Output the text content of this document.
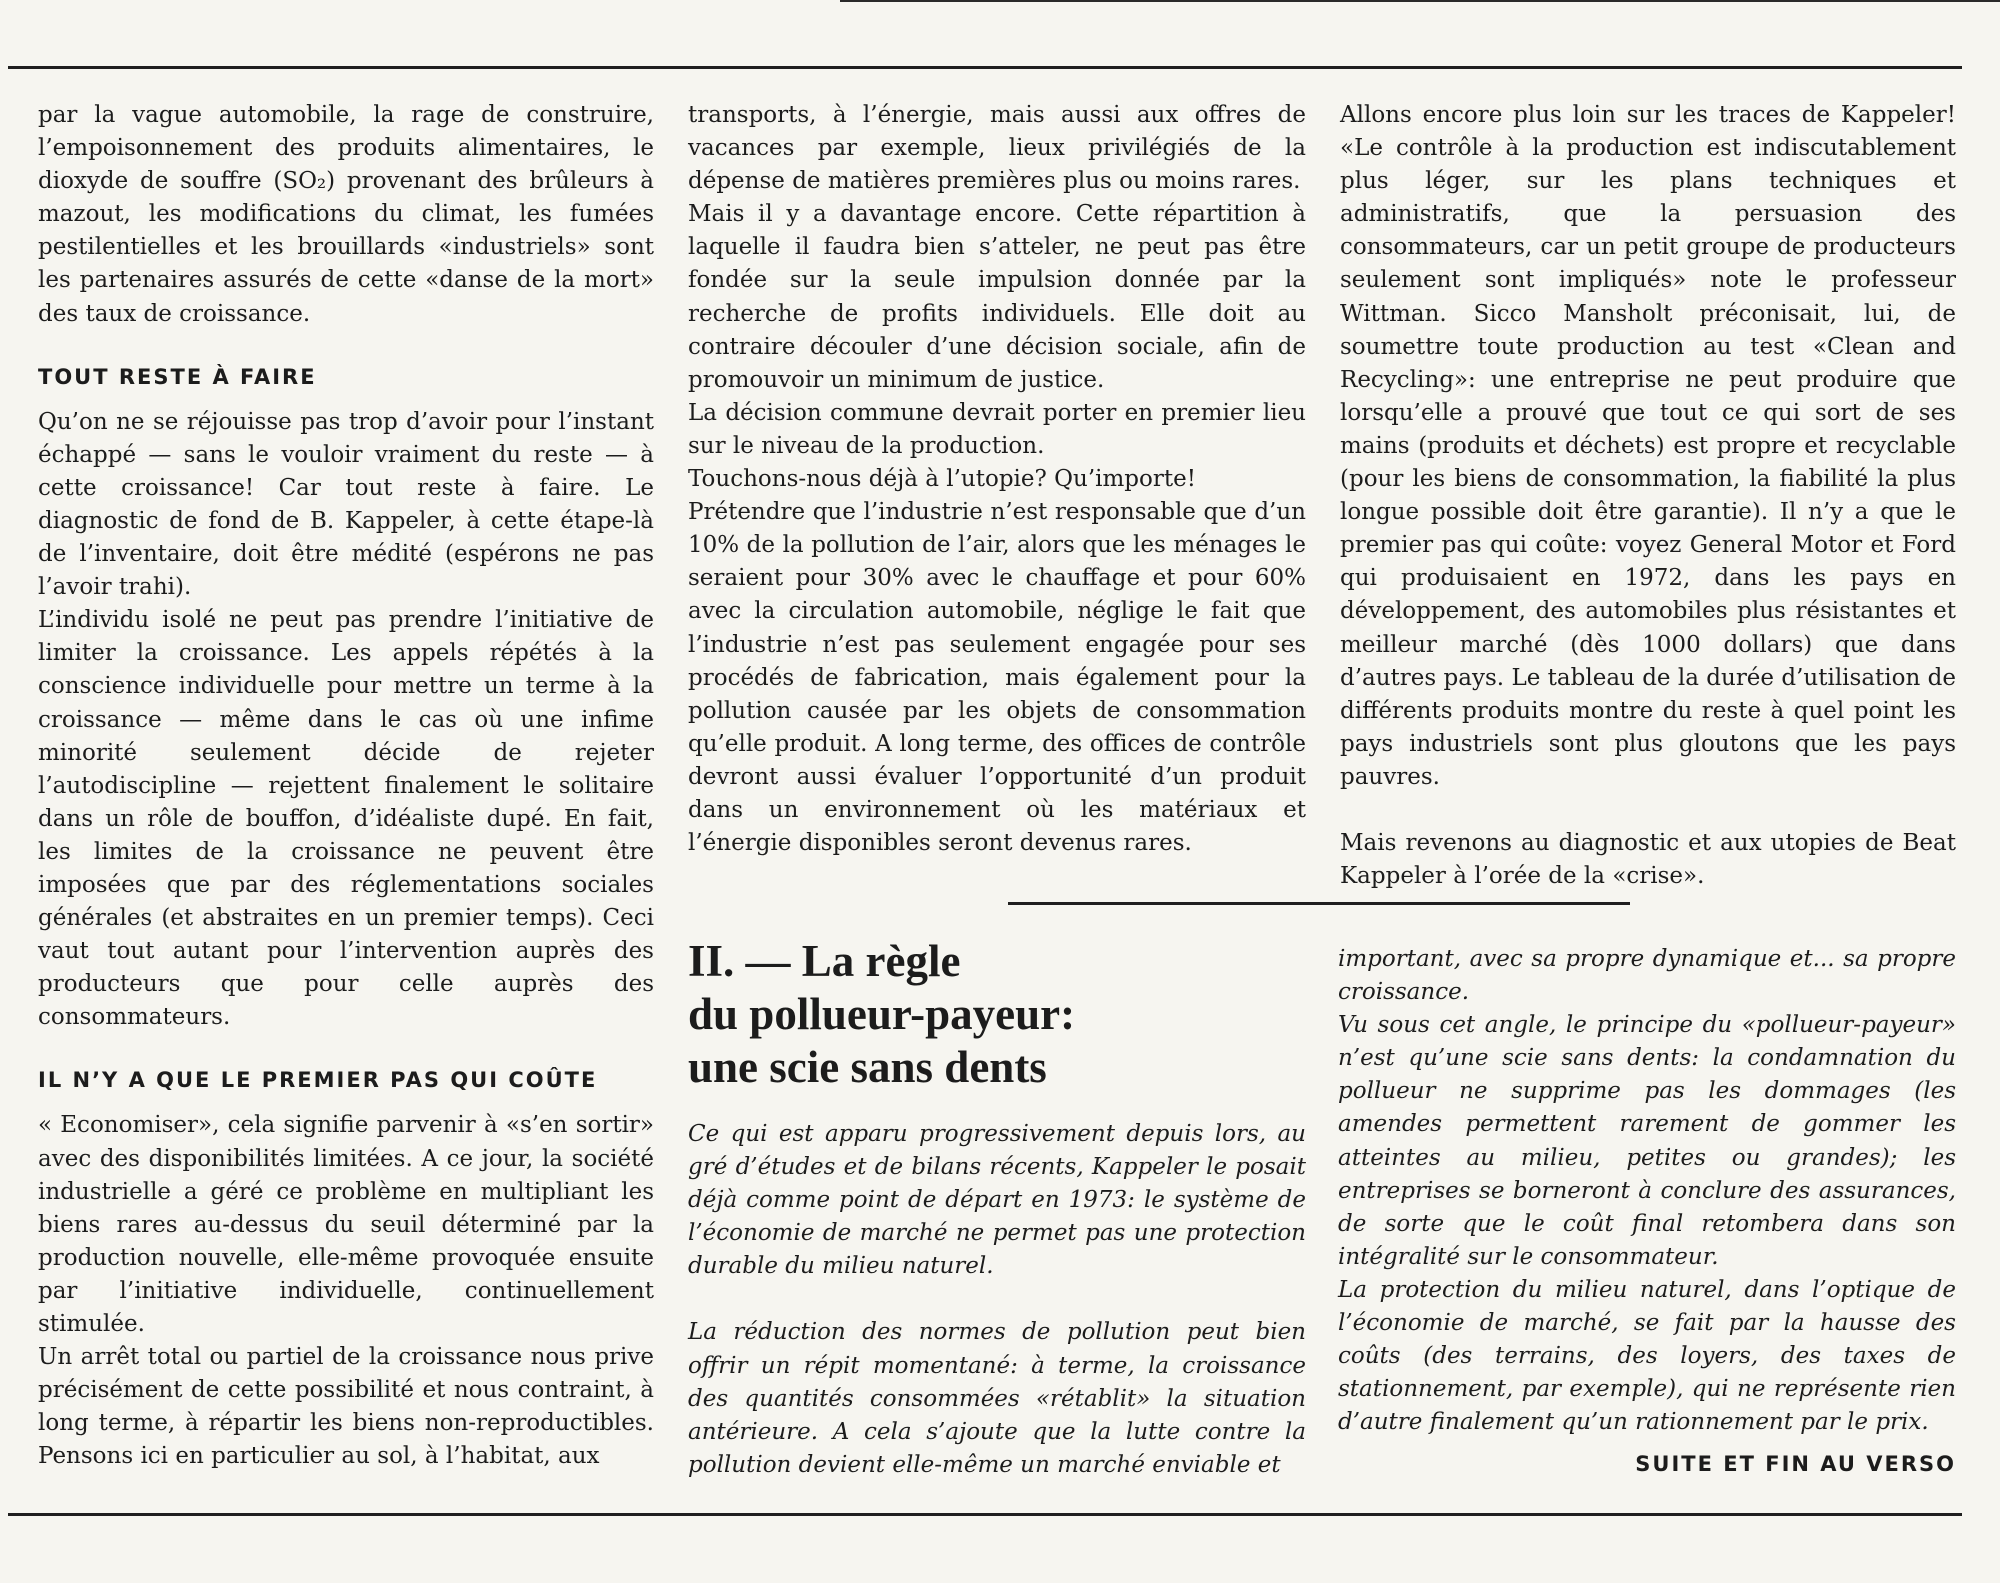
par la vague automobile, la rage de construire, l’empoisonnement des produits alimentaires, le dioxyde de souffre (SO₂) provenant des brûleurs à mazout, les modifications du climat, les fumées pestilentielles et les brouillards «industriels» sont les partenaires assurés de cette «danse de la mort» des taux de croissance.

TOUT RESTE À FAIRE

Qu’on ne se réjouisse pas trop d’avoir pour l’instant échappé — sans le vouloir vraiment du reste — à cette croissance! Car tout reste à faire. Le diagnostic de fond de B. Kappeler, à cette étape-là de l’inventaire, doit être médité (espérons ne pas l’avoir trahi).

L’individu isolé ne peut pas prendre l’initiative de limiter la croissance. Les appels répétés à la conscience individuelle pour mettre un terme à la croissance — même dans le cas où une infime minorité seulement décide de rejeter l’autodiscipline — rejettent finalement le solitaire dans un rôle de bouffon, d’idéaliste dupé. En fait, les limites de la croissance ne peuvent être imposées que par des réglementations sociales générales (et abstraites en un premier temps). Ceci vaut tout autant pour l’intervention auprès des producteurs que pour celle auprès des consommateurs.

IL N’Y A QUE LE PREMIER PAS QUI COÛTE

« Economiser», cela signifie parvenir à «s’en sortir» avec des disponibilités limitées. A ce jour, la société industrielle a géré ce problème en multipliant les biens rares au-dessus du seuil déterminé par la production nouvelle, elle-même provoquée ensuite par l’initiative individuelle, continuellement stimulée.

Un arrêt total ou partiel de la croissance nous prive précisément de cette possibilité et nous contraint, à long terme, à répartir les biens non-reproductibles. Pensons ici en particulier au sol, à l’habitat, aux

transports, à l’énergie, mais aussi aux offres de vacances par exemple, lieux privilégiés de la dépense de matières premières plus ou moins rares.

Mais il y a davantage encore. Cette répartition à laquelle il faudra bien s’atteler, ne peut pas être fondée sur la seule impulsion donnée par la recherche de profits individuels. Elle doit au contraire découler d’une décision sociale, afin de promouvoir un minimum de justice.

La décision commune devrait porter en premier lieu sur le niveau de la production.

Touchons-nous déjà à l’utopie? Qu’importe!

Prétendre que l’industrie n’est responsable que d’un 10% de la pollution de l’air, alors que les ménages le seraient pour 30% avec le chauffage et pour 60% avec la circulation automobile, néglige le fait que l’industrie n’est pas seulement engagée pour ses procédés de fabrication, mais également pour la pollution causée par les objets de consommation qu’elle produit. A long terme, des offices de contrôle devront aussi évaluer l’opportunité d’un produit dans un environnement où les matériaux et l’énergie disponibles seront devenus rares.

Allons encore plus loin sur les traces de Kappeler! «Le contrôle à la production est indiscutablement plus léger, sur les plans techniques et administratifs, que la persuasion des consommateurs, car un petit groupe de producteurs seulement sont impliqués» note le professeur Wittman. Sicco Mansholt préconisait, lui, de soumettre toute production au test «Clean and Recycling»: une entreprise ne peut produire que lorsqu’elle a prouvé que tout ce qui sort de ses mains (produits et déchets) est propre et recyclable (pour les biens de consommation, la fiabilité la plus longue possible doit être garantie). Il n’y a que le premier pas qui coûte: voyez General Motor et Ford qui produisaient en 1972, dans les pays en développement, des automobiles plus résistantes et meilleur marché (dès 1000 dollars) que dans d’autres pays. Le tableau de la durée d’utilisation de différents produits montre du reste à quel point les pays industriels sont plus gloutons que les pays pauvres.

Mais revenons au diagnostic et aux utopies de Beat Kappeler à l’orée de la «crise».

II. — La règle
du pollueur-payeur:
une scie sans dents

Ce qui est apparu progressivement depuis lors, au gré d’études et de bilans récents, Kappeler le posait déjà comme point de départ en 1973: le système de l’économie de marché ne permet pas une protection durable du milieu naturel.

La réduction des normes de pollution peut bien offrir un répit momentané: à terme, la croissance des quantités consommées «rétablit» la situation antérieure. A cela s’ajoute que la lutte contre la pollution devient elle-même un marché enviable et

important, avec sa propre dynamique et... sa propre croissance.

Vu sous cet angle, le principe du «pollueur-payeur» n’est qu’une scie sans dents: la condamnation du pollueur ne supprime pas les dommages (les amendes permettent rarement de gommer les atteintes au milieu, petites ou grandes); les entreprises se borneront à conclure des assurances, de sorte que le coût final retombera dans son intégralité sur le consommateur.

La protection du milieu naturel, dans l’optique de l’économie de marché, se fait par la hausse des coûts (des terrains, des loyers, des taxes de stationnement, par exemple), qui ne représente rien d’autre finalement qu’un rationnement par le prix.

SUITE ET FIN AU VERSO
